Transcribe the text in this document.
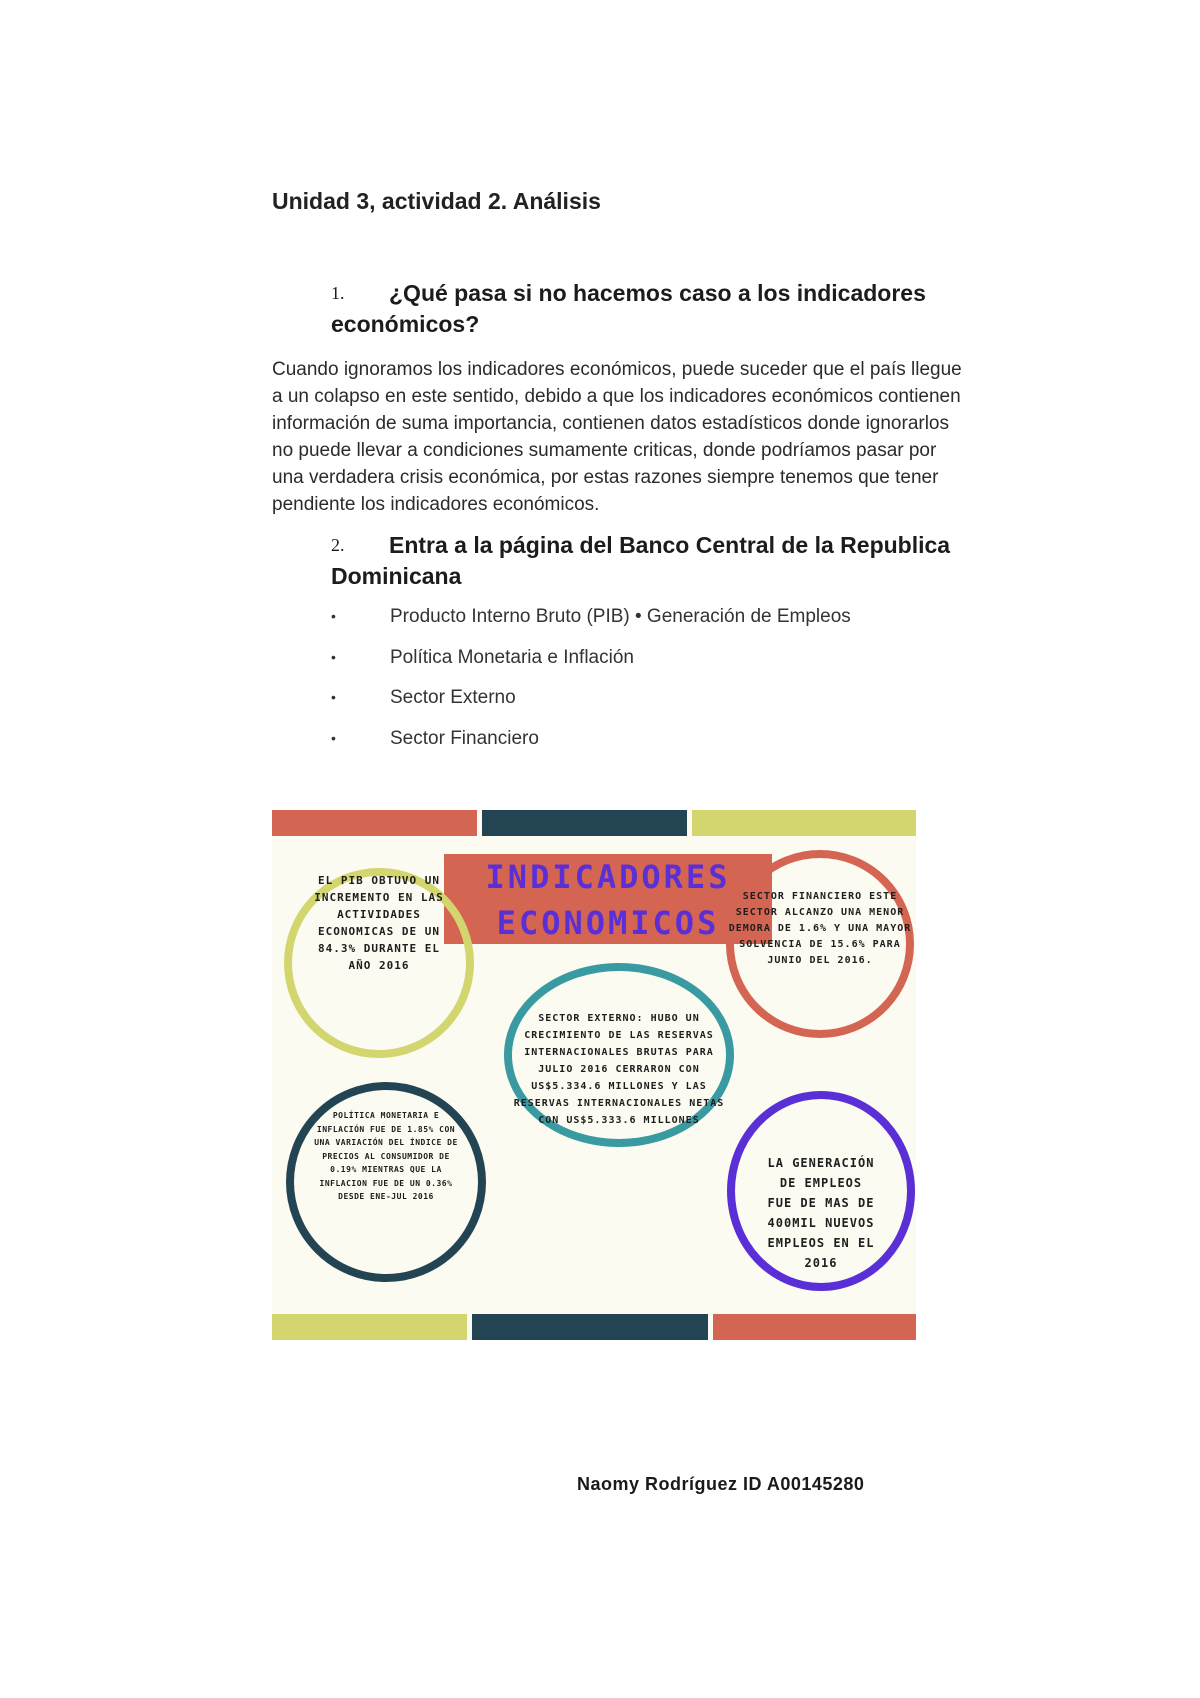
Unidad 3, actividad 2. Análisis
1.	¿Qué pasa si no hacemos caso a los indicadores económicos?
Cuando ignoramos los indicadores económicos, puede suceder que el país llegue a un colapso en este sentido, debido a que los indicadores económicos contienen información de suma importancia, contienen datos estadísticos donde ignorarlos no puede llevar a condiciones sumamente criticas, donde podríamos pasar por una verdadera crisis económica, por estas razones siempre tenemos que tener pendiente los indicadores económicos.
2.	Entra a la página del Banco Central de la Republica Dominicana
•	Producto Interno Bruto (PIB) • Generación de Empleos
•	Política Monetaria e Inflación
•	Sector Externo
•	Sector Financiero
INDICADORES
ECONOMICOS
EL PIB OBTUVO UN INCREMENTO EN LAS ACTIVIDADES ECONOMICAS DE UN 84.3% DURANTE EL AÑO 2016
SECTOR FINANCIERO ESTE SECTOR ALCANZO UNA MENOR DEMORA DE 1.6% Y UNA MAYOR SOLVENCIA DE 15.6% PARA JUNIO DEL 2016.
SECTOR EXTERNO: HUBO UN CRECIMIENTO DE LAS RESERVAS INTERNACIONALES BRUTAS PARA JULIO 2016 CERRARON CON US$5.334.6 MILLONES Y LAS RESERVAS INTERNACIONALES NETAS CON US$5.333.6 MILLONES
POLÍTICA MONETARIA E INFLACIÓN FUE DE 1.85% CON UNA VARIACIÓN DEL ÍNDICE DE PRECIOS AL CONSUMIDOR DE 0.19% MIENTRAS QUE LA INFLACION FUE DE UN 0.36% DESDE ENE-JUL 2016
LA GENERACIÓN DE EMPLEOS FUE DE MAS DE 400MIL NUEVOS EMPLEOS EN EL 2016
Naomy Rodríguez ID A00145280
